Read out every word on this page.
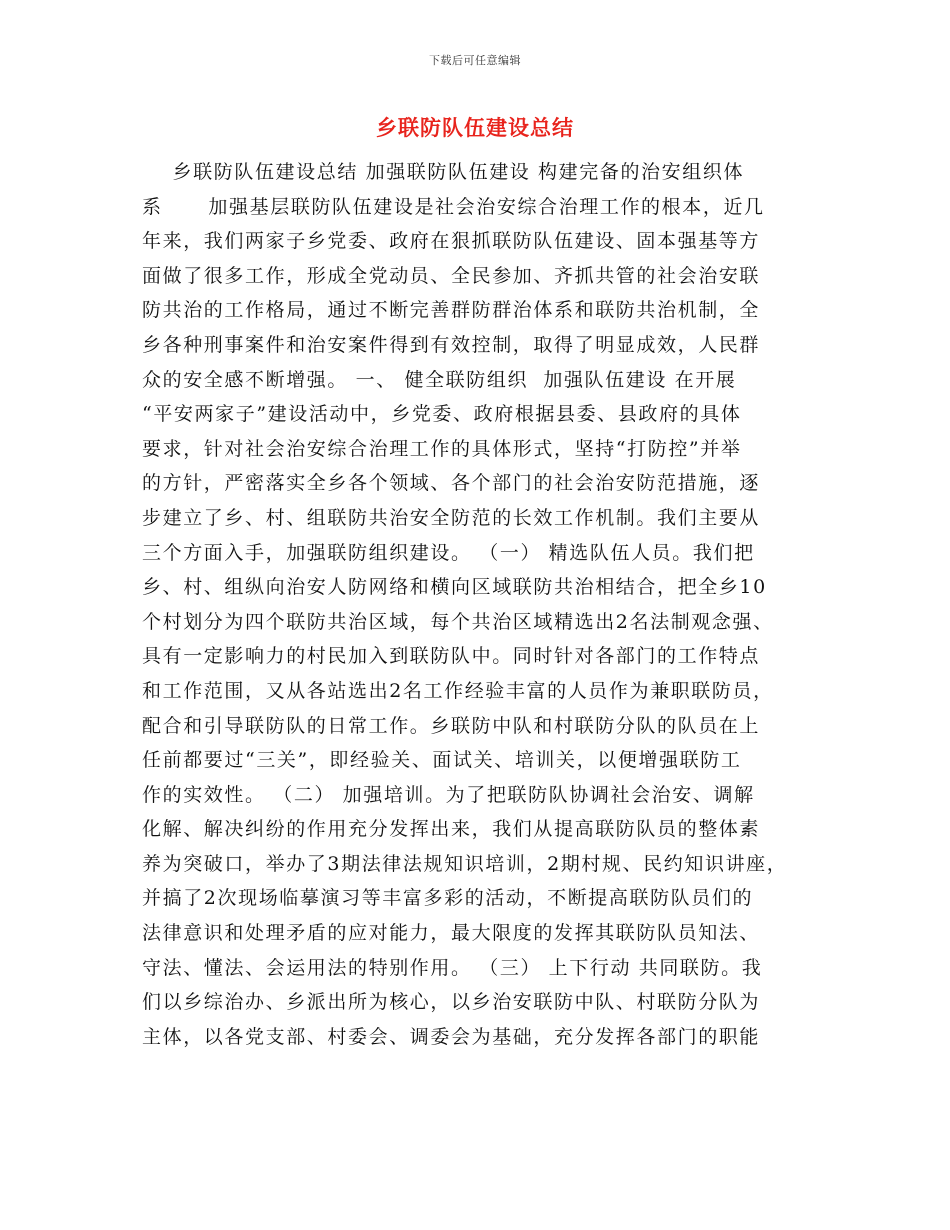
下载后可任意编辑
乡联防队伍建设总结
乡联防队伍建设总结 加强联防队伍建设 构建完备的治安组织体
系      加强基层联防队伍建设是社会治安综合治理工作的根本，近几
年来，我们两家子乡党委、政府在狠抓联防队伍建设、固本强基等方
面做了很多工作，形成全党动员、全民参加、齐抓共管的社会治安联
防共治的工作格局，通过不断完善群防群治体系和联防共治机制，全
乡各种刑事案件和治安案件得到有效控制，取得了明显成效，人民群
众的安全感不断增强。 一、 健全联防组织  加强队伍建设 在开展
“平安两家子”建设活动中，乡党委、政府根据县委、县政府的具体
要求，针对社会治安综合治理工作的具体形式，坚持“打防控”并举
的方针，严密落实全乡各个领域、各个部门的社会治安防范措施，逐
步建立了乡、村、组联防共治安全防范的长效工作机制。我们主要从
三个方面入手，加强联防组织建设。 （一） 精选队伍人员。我们把
乡、村、组纵向治安人防网络和横向区域联防共治相结合，把全乡10
个村划分为四个联防共治区域，每个共治区域精选出2名法制观念强、
具有一定影响力的村民加入到联防队中。同时针对各部门的工作特点
和工作范围，又从各站选出2名工作经验丰富的人员作为兼职联防员，
配合和引导联防队的日常工作。乡联防中队和村联防分队的队员在上
任前都要过“三关”，即经验关、面试关、培训关，以便增强联防工
作的实效性。 （二） 加强培训。为了把联防队协调社会治安、调解
化解、解决纠纷的作用充分发挥出来，我们从提高联防队员的整体素
养为突破口，举办了3期法律法规知识培训，2期村规、民约知识讲座，
并搞了2次现场临摹演习等丰富多彩的活动，不断提高联防队员们的
法律意识和处理矛盾的应对能力，最大限度的发挥其联防队员知法、
守法、懂法、会运用法的特别作用。 （三） 上下行动 共同联防。我
们以乡综治办、乡派出所为核心，以乡治安联防中队、村联防分队为
主体，以各党支部、村委会、调委会为基础，充分发挥各部门的职能
